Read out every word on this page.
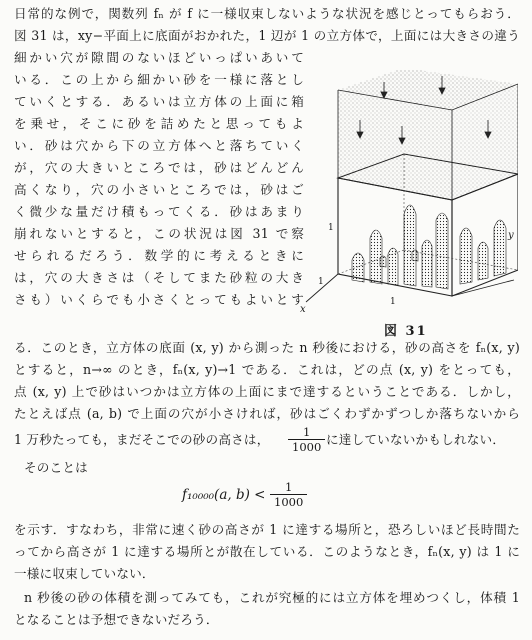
日常的な例で，関数列 fₙ が f に一様収束しないような状況を感じとってもらおう．
図 31 は，xy−平面上に底面がおかれた，1 辺が 1 の立方体で，上面には大きさの違う
細かい穴が隙間のないほどいっぱいあいて
いる．この上から細かい砂を一様に落とし
ていくとする．あるいは立方体の上面に箱
を乗せ，そこに砂を詰めたと思ってもよ
い．砂は穴から下の立方体へと落ちていく
が，穴の大きいところでは，砂はどんどん
高くなり，穴の小さいところでは，砂はご
く微少な量だけ積もってくる．砂はあまり
崩れないとすると，この状況は図 31 で察
せられるだろう．数学的に考えるときに
は，穴の大きさは（そしてまた砂粒の大き
さも）いくらでも小さくとってもよいとす
る．このとき，立方体の底面 (x, y) から測った n 秒後における，砂の高さを fₙ(x, y)
とすると，n→∞ のとき，fₙ(x, y)→1 である．これは，どの点 (x, y) をとっても，
点 (x, y) 上で砂はいつかは立方体の上面にまで達するということである．しかし，
たとえば点 (a, b) で上面の穴が小さければ，砂はごくわずかずつしか落ちないから
1 万秒たっても，まだそこでの砂の高さは，	1
1000 に達していないかもしれない．
そのことは
f₁₀₀₀₀(a, b) <	1
1000
を示す．すなわち，非常に速く砂の高さが 1 に達する場所と，恐ろしいほど長時間た
ってから高さが 1 に達する場所とが散在している．このようなとき，fₙ(x, y) は 1 に
一様に収束していない．
n 秒後の砂の体積を測ってみても，これが究極的には立方体を埋めつくし，体積 1
となることは予想できないだろう．
x
y
1
1
1
図 31
